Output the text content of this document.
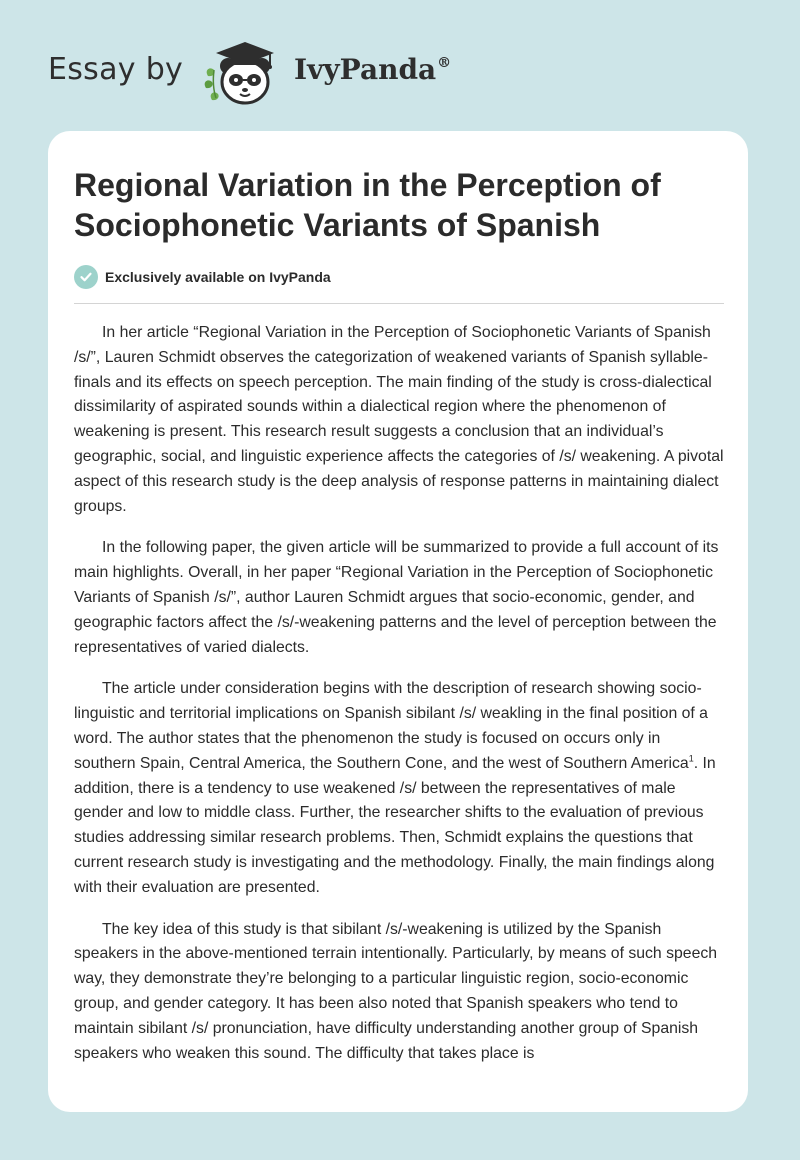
Essay by	IvyPanda®
Regional Variation in the Perception of
Sociophonetic Variants of Spanish
Exclusively available on IvyPanda

In her article “Regional Variation in the Perception of Sociophonetic Variants of Spanish /s/”, Lauren Schmidt observes the categorization of weakened variants of Spanish syllable-finals and its effects on speech perception. The main finding of the study is cross-dialectical dissimilarity of aspirated sounds within a dialectical region where the phenomenon of weakening is present. This research result suggests a conclusion that an individual’s geographic, social, and linguistic experience affects the categories of /s/ weakening. A pivotal aspect of this research study is the deep analysis of response patterns in maintaining dialect groups.

In the following paper, the given article will be summarized to provide a full account of its main highlights. Overall, in her paper “Regional Variation in the Perception of Sociophonetic Variants of Spanish /s/”, author Lauren Schmidt argues that socio-economic, gender, and geographic factors affect the /s/-weakening patterns and the level of perception between the representatives of varied dialects.

The article under consideration begins with the description of research showing socio-linguistic and territorial implications on Spanish sibilant /s/ weakling in the final position of a word. The author states that the phenomenon the study is focused on occurs only in southern Spain, Central America, the Southern Cone, and the west of Southern America$^1$. In addition, there is a tendency to use weakened /s/ between the representatives of male gender and low to middle class. Further, the researcher shifts to the evaluation of previous studies addressing similar research problems. Then, Schmidt explains the questions that current research study is investigating and the methodology. Finally, the main findings along with their evaluation are presented.

The key idea of this study is that sibilant /s/-weakening is utilized by the Spanish speakers in the above-mentioned terrain intentionally. Particularly, by means of such speech way, they demonstrate they’re belonging to a particular linguistic region, socio-economic group, and gender category. It has been also noted that Spanish speakers who tend to maintain sibilant /s/ pronunciation, have difficulty understanding another group of Spanish speakers who weaken this sound. The difficulty that takes place is
